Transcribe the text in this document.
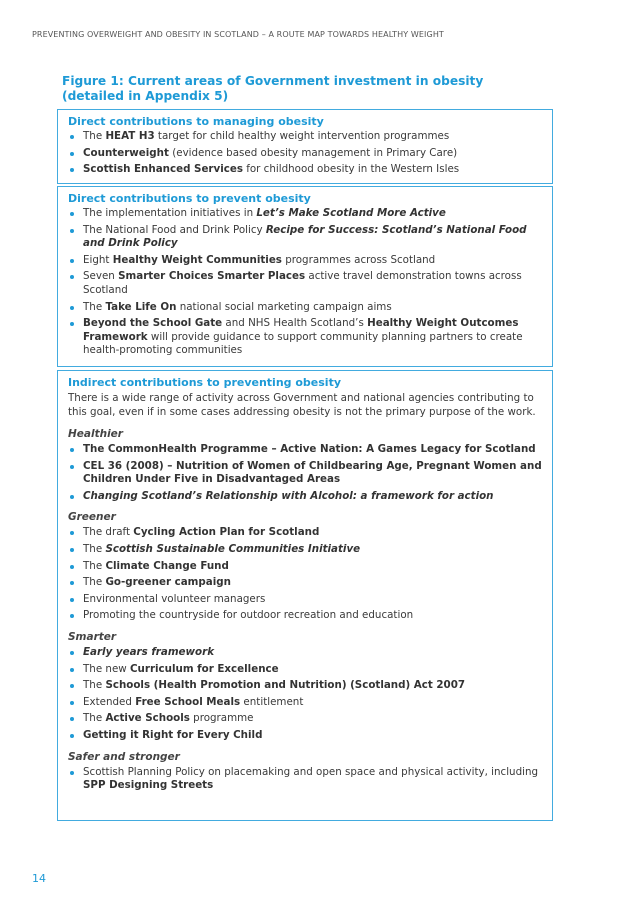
PREVENTING OVERWEIGHT AND OBESITY IN SCOTLAND – A ROUTE MAP TOWARDS HEALTHY WEIGHT
Figure 1: Current areas of Government investment in obesity (detailed in Appendix 5)
Direct contributions to managing obesity
The HEAT H3 target for child healthy weight intervention programmes
Counterweight (evidence based obesity management in Primary Care)
Scottish Enhanced Services for childhood obesity in the Western Isles
Direct contributions to prevent obesity
The implementation initiatives in Let’s Make Scotland More Active
The National Food and Drink Policy Recipe for Success: Scotland’s National Food and Drink Policy
Eight Healthy Weight Communities programmes across Scotland
Seven Smarter Choices Smarter Places active travel demonstration towns across Scotland
The Take Life On national social marketing campaign aims
Beyond the School Gate and NHS Health Scotland’s Healthy Weight Outcomes Framework will provide guidance to support community planning partners to create health-promoting communities
Indirect contributions to preventing obesity
There is a wide range of activity across Government and national agencies contributing to this goal, even if in some cases addressing obesity is not the primary purpose of the work.
Healthier
The CommonHealth Programme – Active Nation: A Games Legacy for Scotland
CEL 36 (2008) – Nutrition of Women of Childbearing Age, Pregnant Women and Children Under Five in Disadvantaged Areas
Changing Scotland’s Relationship with Alcohol: a framework for action
Greener
The draft Cycling Action Plan for Scotland
The Scottish Sustainable Communities Initiative
The Climate Change Fund
The Go-greener campaign
Environmental volunteer managers
Promoting the countryside for outdoor recreation and education
Smarter
Early years framework
The new Curriculum for Excellence
The Schools (Health Promotion and Nutrition) (Scotland) Act 2007
Extended Free School Meals entitlement
The Active Schools programme
Getting it Right for Every Child
Safer and stronger
Scottish Planning Policy on placemaking and open space and physical activity, including SPP Designing Streets
14
